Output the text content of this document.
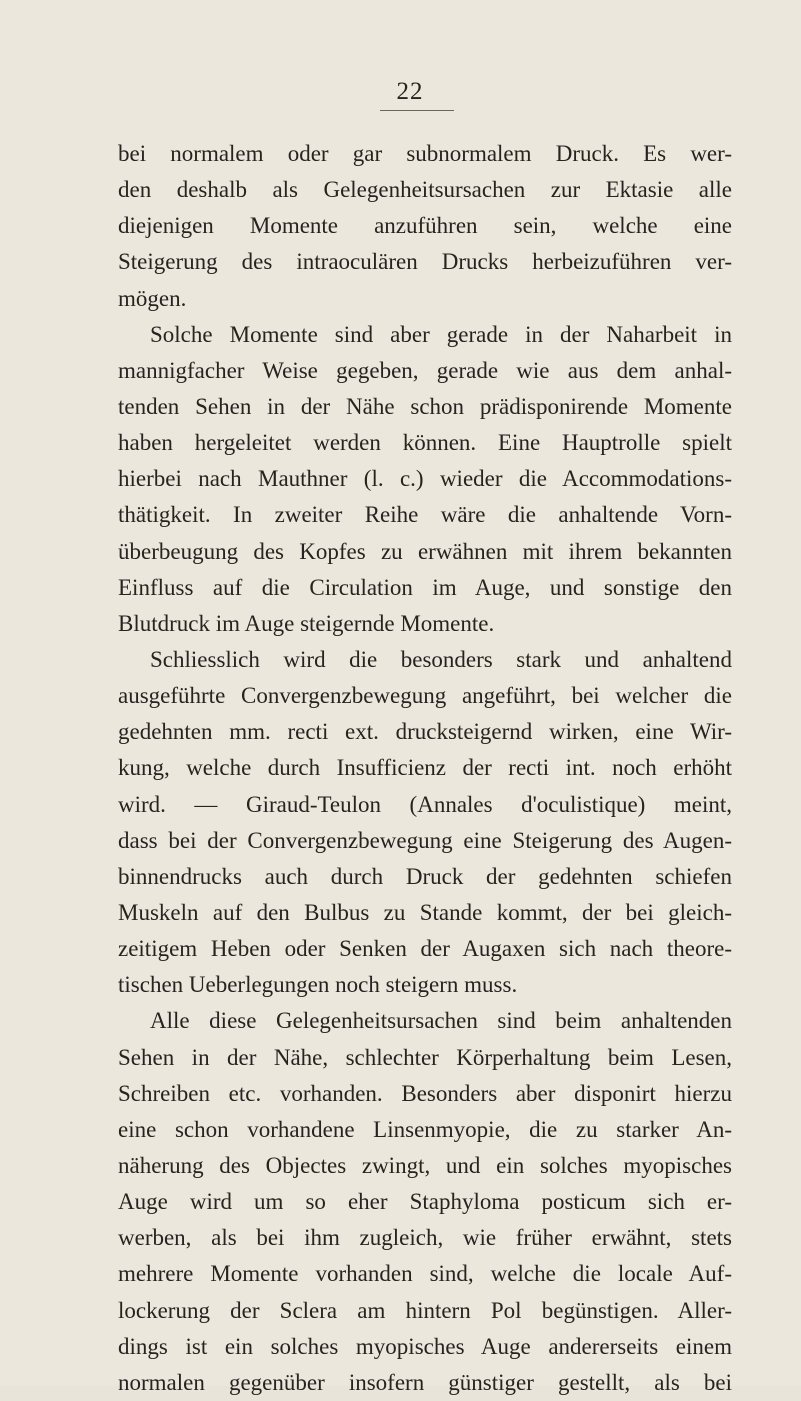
22
bei normalem oder gar subnormalem Druck. Es wer-
den deshalb als Gelegenheitsursachen zur Ektasie alle
diejenigen Momente anzuführen sein, welche eine
Steigerung des intraoculären Drucks herbeizuführen ver-
mögen.
Solche Momente sind aber gerade in der Naharbeit in
mannigfacher Weise gegeben, gerade wie aus dem anhal-
tenden Sehen in der Nähe schon prädisponirende Momente
haben hergeleitet werden können. Eine Hauptrolle spielt
hierbei nach Mauthner (l. c.) wieder die Accommodations-
thätigkeit. In zweiter Reihe wäre die anhaltende Vorn-
überbeugung des Kopfes zu erwähnen mit ihrem bekannten
Einfluss auf die Circulation im Auge, und sonstige den
Blutdruck im Auge steigernde Momente.
Schliesslich wird die besonders stark und anhaltend
ausgeführte Convergenzbewegung angeführt, bei welcher die
gedehnten mm. recti ext. drucksteigernd wirken, eine Wir-
kung, welche durch Insufficienz der recti int. noch erhöht
wird. — Giraud-Teulon (Annales d'oculistique) meint,
dass bei der Convergenzbewegung eine Steigerung des Augen-
binnendrucks auch durch Druck der gedehnten schiefen
Muskeln auf den Bulbus zu Stande kommt, der bei gleich-
zeitigem Heben oder Senken der Augaxen sich nach theore-
tischen Ueberlegungen noch steigern muss.
Alle diese Gelegenheitsursachen sind beim anhaltenden
Sehen in der Nähe, schlechter Körperhaltung beim Lesen,
Schreiben etc. vorhanden. Besonders aber disponirt hierzu
eine schon vorhandene Linsenmyopie, die zu starker An-
näherung des Objectes zwingt, und ein solches myopisches
Auge wird um so eher Staphyloma posticum sich er-
werben, als bei ihm zugleich, wie früher erwähnt, stets
mehrere Momente vorhanden sind, welche die locale Auf-
lockerung der Sclera am hintern Pol begünstigen. Aller-
dings ist ein solches myopisches Auge andererseits einem
normalen gegenüber insofern günstiger gestellt, als bei
